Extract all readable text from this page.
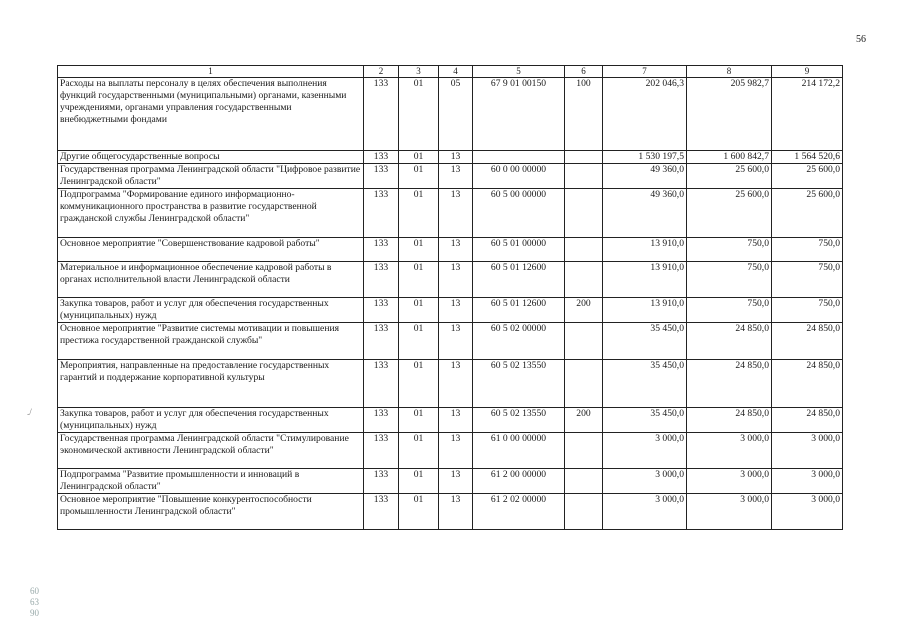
56
./
60
63
90
1	2	3	4	5	6	7	8	9
Расходы на выплаты персоналу в целях обеспечения выполнения функций государственными (муниципальными) органами, казенными учреждениями, органами управления государственными внебюджетными фондами	133	01	05	67 9 01 00150	100	202 046,3	205 982,7	214 172,2
Другие общегосударственные вопросы	133	01	13			1 530 197,5	1 600 842,7	1 564 520,6
Государственная программа Ленинградской области "Цифровое развитие Ленинградской области"	133	01	13	60 0 00 00000		49 360,0	25 600,0	25 600,0
Подпрограмма "Формирование единого информационно-коммуникационного пространства в развитие государственной гражданской службы Ленинградской области"	133	01	13	60 5 00 00000		49 360,0	25 600,0	25 600,0
Основное мероприятие "Совершенствование кадровой работы"	133	01	13	60 5 01 00000		13 910,0	750,0	750,0
Материальное и информационное обеспечение кадровой работы в органах исполнительной власти Ленинградской области	133	01	13	60 5 01 12600		13 910,0	750,0	750,0
Закупка товаров, работ и услуг для обеспечения государственных (муниципальных) нужд	133	01	13	60 5 01 12600	200	13 910,0	750,0	750,0
Основное мероприятие "Развитие системы мотивации и повышения престижа государственной гражданской службы"	133	01	13	60 5 02 00000		35 450,0	24 850,0	24 850,0
Мероприятия, направленные на предоставление государственных гарантий и поддержание корпоративной культуры	133	01	13	60 5 02 13550		35 450,0	24 850,0	24 850,0
Закупка товаров, работ и услуг для обеспечения государственных (муниципальных) нужд	133	01	13	60 5 02 13550	200	35 450,0	24 850,0	24 850,0
Государственная программа Ленинградской области "Стимулирование экономической активности Ленинградской области"	133	01	13	61 0 00 00000		3 000,0	3 000,0	3 000,0
Подпрограмма "Развитие промышленности и инноваций в Ленинградской области"	133	01	13	61 2 00 00000		3 000,0	3 000,0	3 000,0
Основное мероприятие "Повышение конкурентоспособности промышленности Ленинградской области"	133	01	13	61 2 02 00000		3 000,0	3 000,0	3 000,0
